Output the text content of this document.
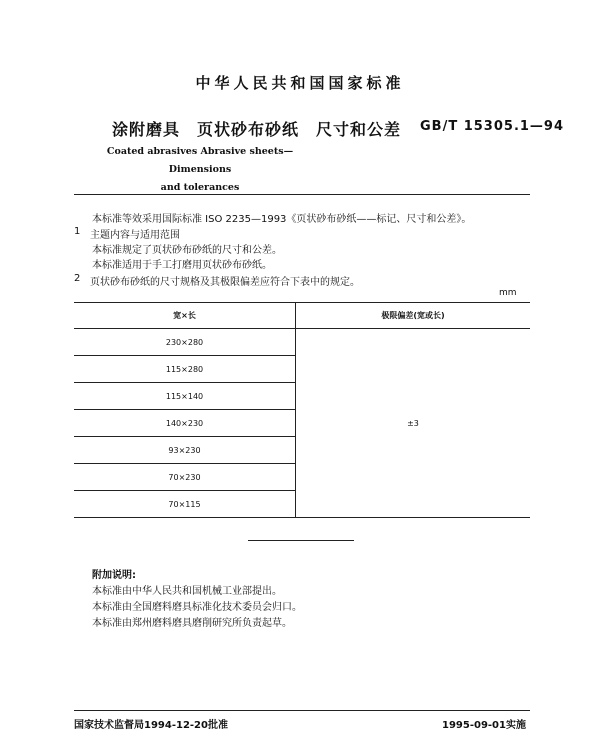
中华人民共和国国家标准
涂附磨具　页状砂布砂纸　尺寸和公差 GB/T 15305.1—94
Coated abrasives Abrasive sheets—Dimensions
and tolerances
本标准等效采用国际标准 ISO 2235—1993《页状砂布砂纸——标记、尺寸和公差》。
1 主题内容与适用范围
本标准规定了页状砂布砂纸的尺寸和公差。
本标准适用于手工打磨用页状砂布砂纸。
2 页状砂布砂纸的尺寸规格及其极限偏差应符合下表中的规定。
mm
宽×长	极限偏差(宽或长)
230×280	±3
115×280	
115×140	
140×230	
93×230	
70×230	
70×115	
附加说明:
本标准由中华人民共和国机械工业部提出。
本标准由全国磨料磨具标准化技术委员会归口。
本标准由郑州磨料磨具磨削研究所负责起草。
国家技术监督局1994-12-20批准	1995-09-01实施
